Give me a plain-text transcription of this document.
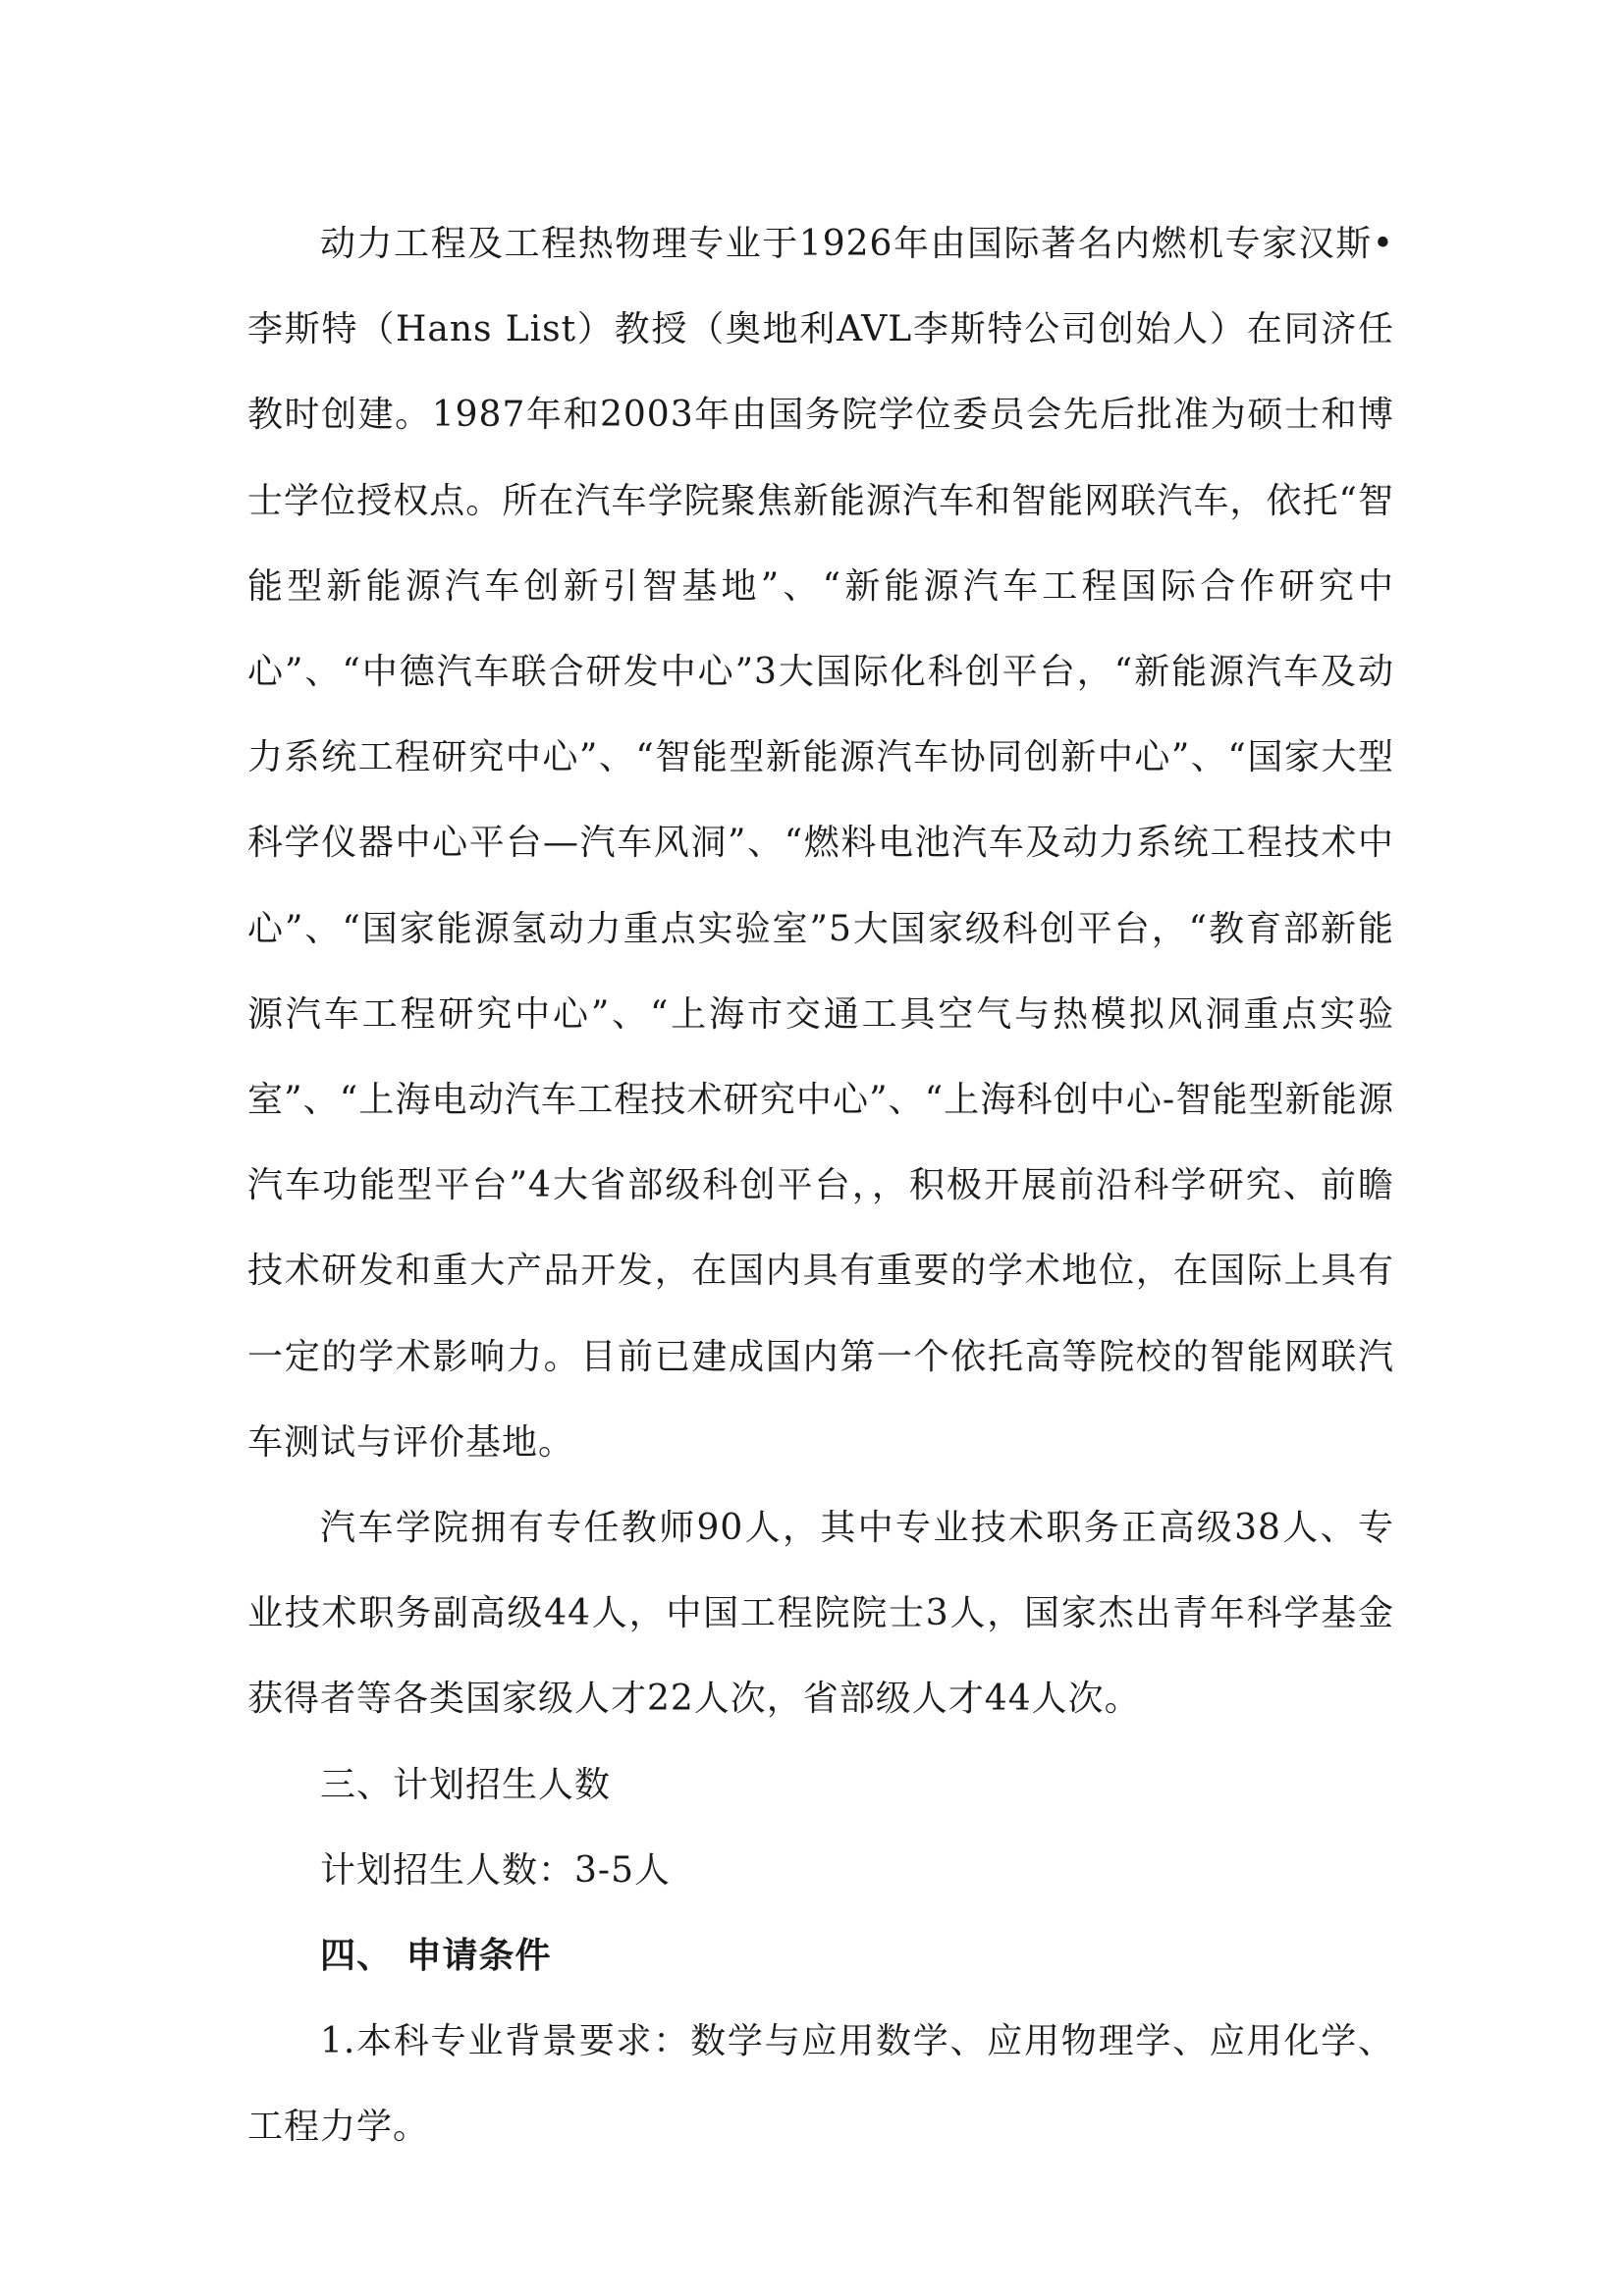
动力工程及工程热物理专业于1926年由国际著名内燃机专家汉斯•李斯特（Hans List）教授（奥地利AVL李斯特公司创始人）在同济任教时创建。1987年和2003年由国务院学位委员会先后批准为硕士和博士学位授权点。所在汽车学院聚焦新能源汽车和智能网联汽车，依托“智能型新能源汽车创新引智基地”、“新能源汽车工程国际合作研究中心”、“中德汽车联合研发中心”3大国际化科创平台，“新能源汽车及动力系统工程研究中心”、“智能型新能源汽车协同创新中心”、“国家大型科学仪器中心平台—汽车风洞”、“燃料电池汽车及动力系统工程技术中心”、“国家能源氢动力重点实验室”5大国家级科创平台，“教育部新能源汽车工程研究中心”、“上海市交通工具空气与热模拟风洞重点实验室”、“上海电动汽车工程技术研究中心”、“上海科创中心-智能型新能源汽车功能型平台”4大省部级科创平台，，积极开展前沿科学研究、前瞻技术研发和重大产品开发，在国内具有重要的学术地位，在国际上具有一定的学术影响力。目前已建成国内第一个依托高等院校的智能网联汽车测试与评价基地。

汽车学院拥有专任教师90人，其中专业技术职务正高级38人、专业技术职务副高级44人，中国工程院院士3人，国家杰出青年科学基金获得者等各类国家级人才22人次，省部级人才44人次。

三、计划招生人数

计划招生人数：3-5人

四、 申请条件

1.本科专业背景要求：数学与应用数学、应用物理学、应用化学、工程力学。
